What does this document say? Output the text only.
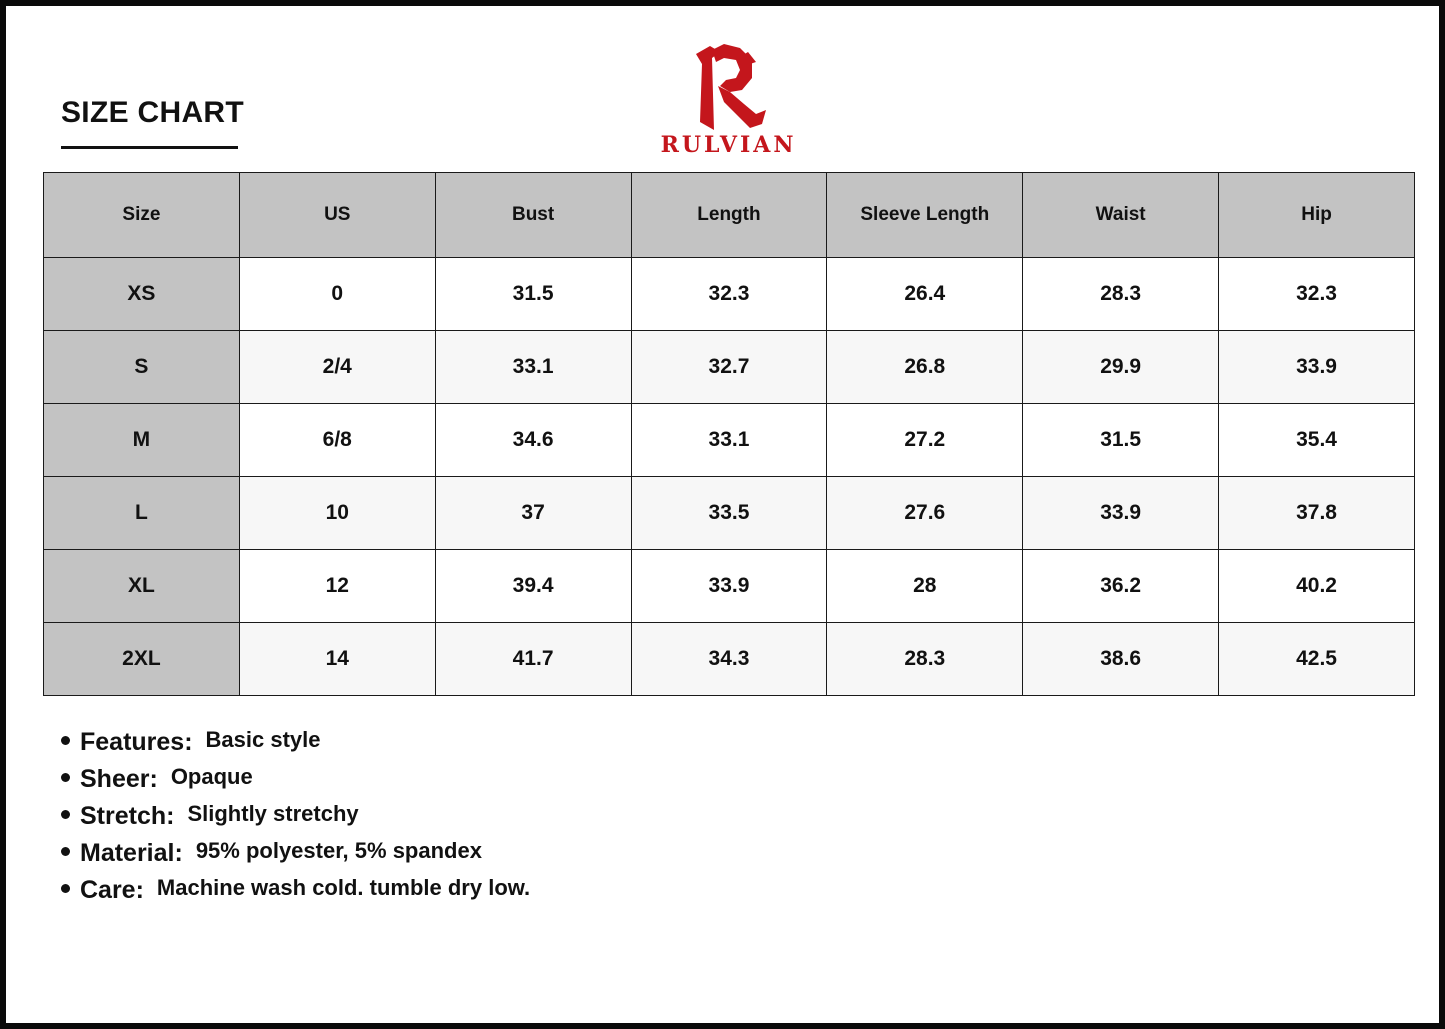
SIZE CHART
RULVIAN
Size	US	Bust	Length	Sleeve Length	Waist	Hip
XS	0	31.5	32.3	26.4	28.3	32.3
S	2/4	33.1	32.7	26.8	29.9	33.9
M	6/8	34.6	33.1	27.2	31.5	35.4
L	10	37	33.5	27.6	33.9	37.8
XL	12	39.4	33.9	28	36.2	40.2
2XL	14	41.7	34.3	28.3	38.6	42.5
Features: Basic style
Sheer: Opaque
Stretch: Slightly stretchy
Material: 95% polyester, 5% spandex
Care: Machine wash cold. tumble dry low.
